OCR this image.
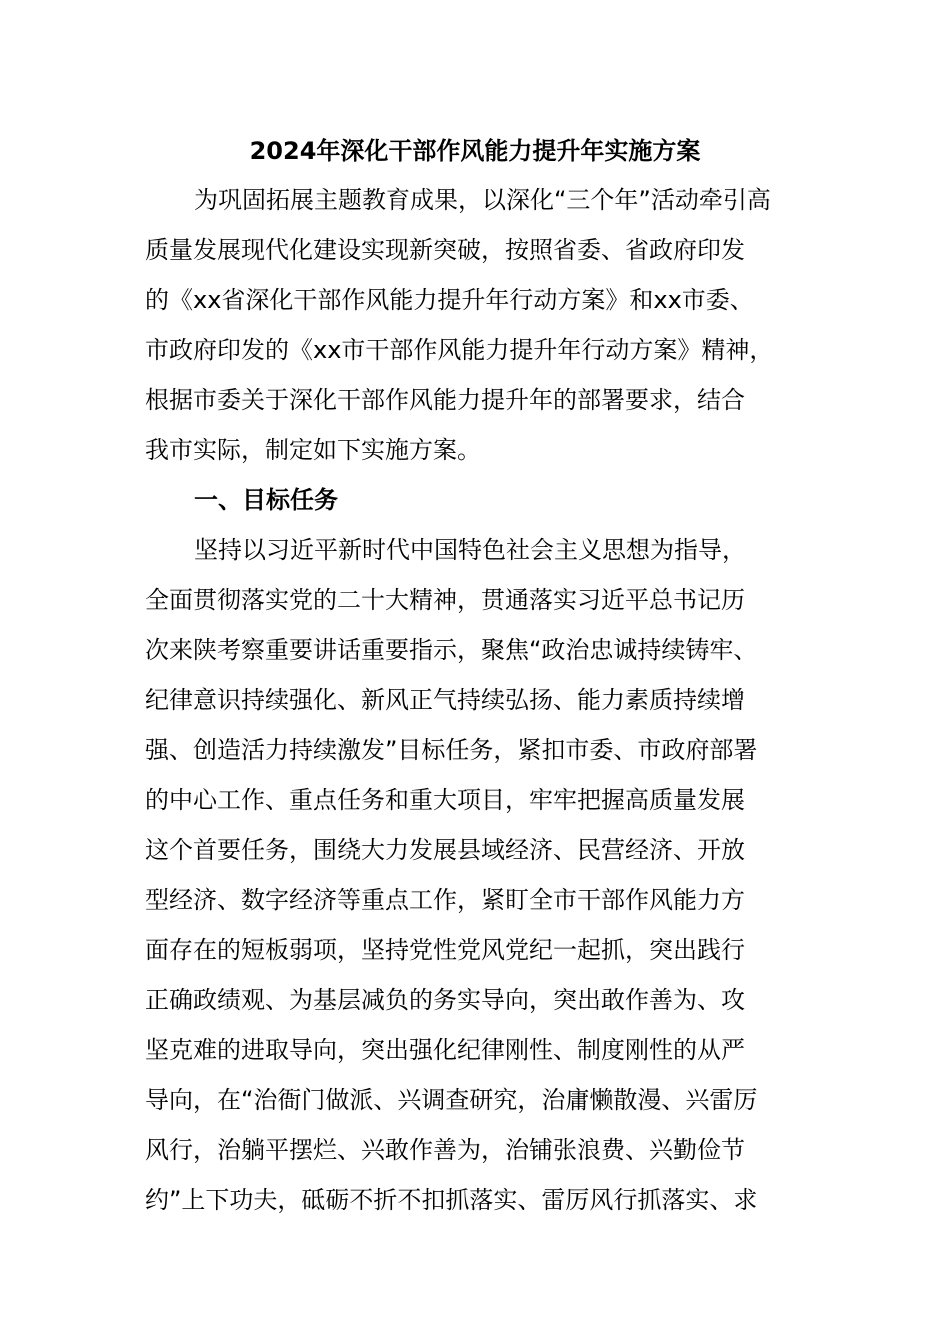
2024年深化干部作风能力提升年实施方案
为巩固拓展主题教育成果，以深化“三个年”活动牵引高
质量发展现代化建设实现新突破，按照省委、省政府印发
的《xx省深化干部作风能力提升年行动方案》和xx市委、
市政府印发的《xx市干部作风能力提升年行动方案》精神，
根据市委关于深化干部作风能力提升年的部署要求，结合
我市实际，制定如下实施方案。
一、目标任务
坚持以习近平新时代中国特色社会主义思想为指导，
全面贯彻落实党的二十大精神，贯通落实习近平总书记历
次来陕考察重要讲话重要指示，聚焦“政治忠诚持续铸牢、
纪律意识持续强化、新风正气持续弘扬、能力素质持续增
强、创造活力持续激发”目标任务，紧扣市委、市政府部署
的中心工作、重点任务和重大项目，牢牢把握高质量发展
这个首要任务，围绕大力发展县域经济、民营经济、开放
型经济、数字经济等重点工作，紧盯全市干部作风能力方
面存在的短板弱项，坚持党性党风党纪一起抓，突出践行
正确政绩观、为基层减负的务实导向，突出敢作善为、攻
坚克难的进取导向，突出强化纪律刚性、制度刚性的从严
导向，在“治衙门做派、兴调查研究，治庸懒散漫、兴雷厉
风行，治躺平摆烂、兴敢作善为，治铺张浪费、兴勤俭节
约”上下功夫，砥砺不折不扣抓落实、雷厉风行抓落实、求
